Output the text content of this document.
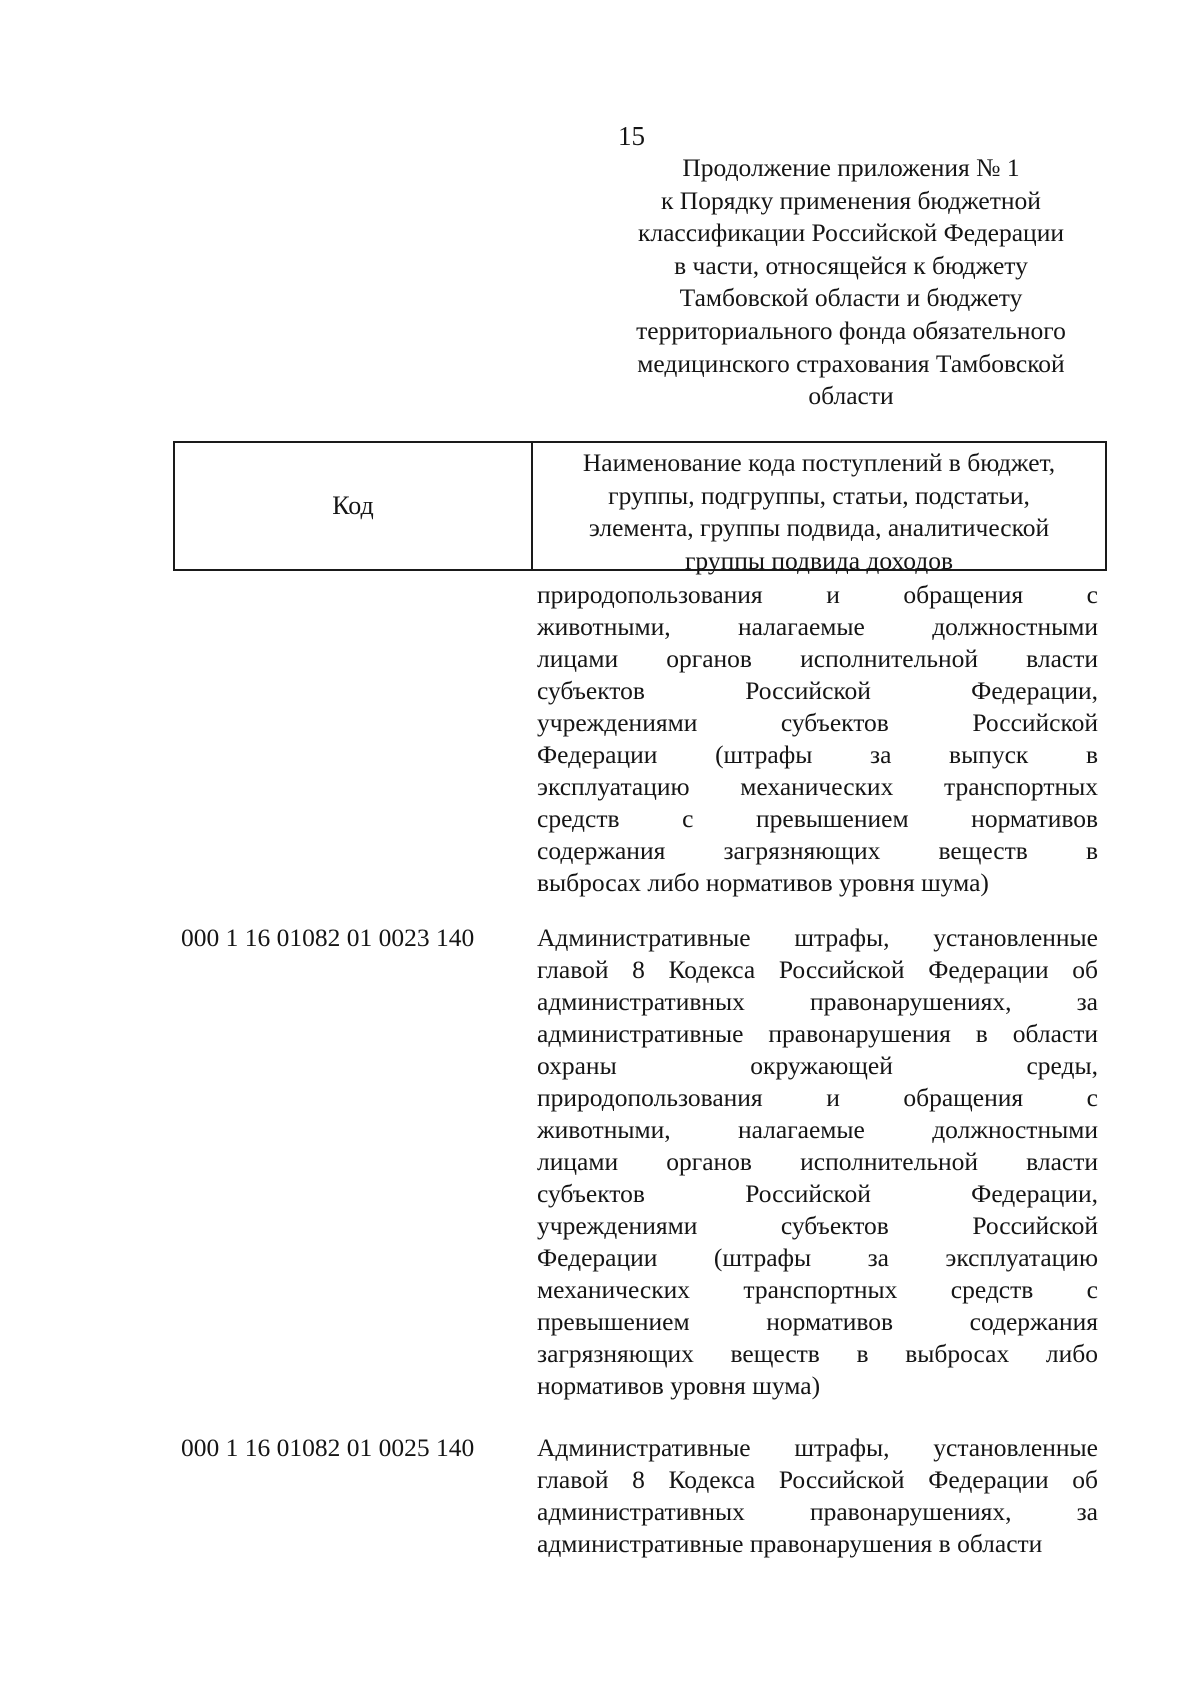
15
Продолжение приложения № 1
к Порядку применения бюджетной
классификации Российской Федерации
в части, относящейся к бюджету
Тамбовской области и бюджету
территориального фонда обязательного
медицинского страхования Тамбовской
области
Код
Наименование кода поступлений в бюджет,
группы, подгруппы, статьи, подстатьи,
элемента, группы подвида, аналитической
группы подвида доходов
природопользования и обращения с
животными, налагаемые должностными
лицами органов исполнительной власти
субъектов Российской Федерации,
учреждениями субъектов Российской
Федерации (штрафы за выпуск в
эксплуатацию механических транспортных
средств с превышением нормативов
содержания загрязняющих веществ в
выбросах либо нормативов уровня шума)
000 1 16 01082 01 0023 140 Административные штрафы, установленные
главой 8 Кодекса Российской Федерации об
административных правонарушениях, за
административные правонарушения в области
охраны окружающей среды,
природопользования и обращения с
животными, налагаемые должностными
лицами органов исполнительной власти
субъектов Российской Федерации,
учреждениями субъектов Российской
Федерации (штрафы за эксплуатацию
механических транспортных средств с
превышением нормативов содержания
загрязняющих веществ в выбросах либо
нормативов уровня шума)
000 1 16 01082 01 0025 140 Административные штрафы, установленные
главой 8 Кодекса Российской Федерации об
административных правонарушениях, за
административные правонарушения в области
